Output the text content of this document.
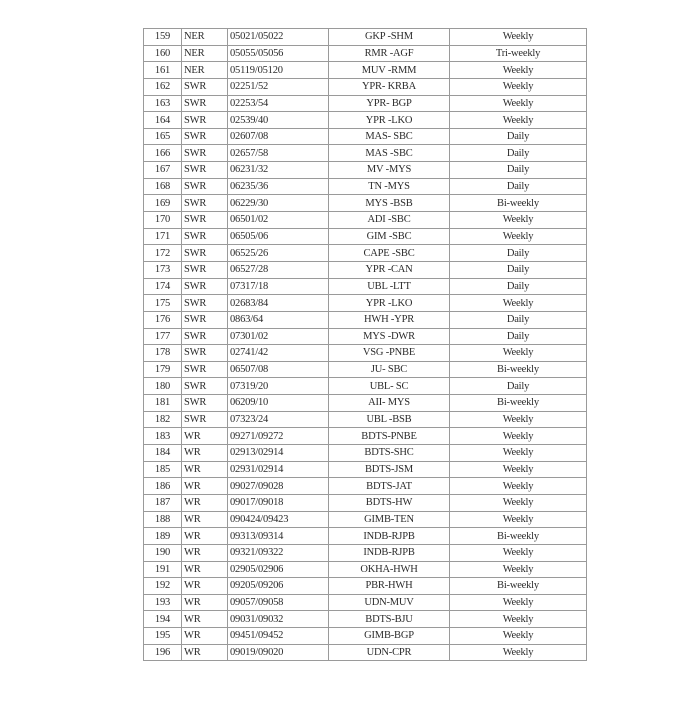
159	NER	05021/05022	GKP -SHM	Weekly
160	NER	05055/05056	RMR -AGF	Tri-weekly
161	NER	05119/05120	MUV -RMM	Weekly
162	SWR	02251/52	YPR- KRBA	Weekly
163	SWR	02253/54	YPR- BGP	Weekly
164	SWR	02539/40	YPR -LKO	Weekly
165	SWR	02607/08	MAS- SBC	Daily
166	SWR	02657/58	MAS -SBC	Daily
167	SWR	06231/32	MV -MYS	Daily
168	SWR	06235/36	TN -MYS	Daily
169	SWR	06229/30	MYS -BSB	Bi-weekly
170	SWR	06501/02	ADI -SBC	Weekly
171	SWR	06505/06	GIM -SBC	Weekly
172	SWR	06525/26	CAPE -SBC	Daily
173	SWR	06527/28	YPR -CAN	Daily
174	SWR	07317/18	UBL -LTT	Daily
175	SWR	02683/84	YPR -LKO	Weekly
176	SWR	0863/64	HWH -YPR	Daily
177	SWR	07301/02	MYS -DWR	Daily
178	SWR	02741/42	VSG -PNBE	Weekly
179	SWR	06507/08	JU- SBC	Bi-weekly
180	SWR	07319/20	UBL- SC	Daily
181	SWR	06209/10	AII- MYS	Bi-weekly
182	SWR	07323/24	UBL -BSB	Weekly
183	WR	09271/09272	BDTS-PNBE	Weekly
184	WR	02913/02914	BDTS-SHC	Weekly
185	WR	02931/02914	BDTS-JSM	Weekly
186	WR	09027/09028	BDTS-JAT	Weekly
187	WR	09017/09018	BDTS-HW	Weekly
188	WR	090424/09423	GIMB-TEN	Weekly
189	WR	09313/09314	INDB-RJPB	Bi-weekly
190	WR	09321/09322	INDB-RJPB	Weekly
191	WR	02905/02906	OKHA-HWH	Weekly
192	WR	09205/09206	PBR-HWH	Bi-weekly
193	WR	09057/09058	UDN-MUV	Weekly
194	WR	09031/09032	BDTS-BJU	Weekly
195	WR	09451/09452	GIMB-BGP	Weekly
196	WR	09019/09020	UDN-CPR	Weekly
